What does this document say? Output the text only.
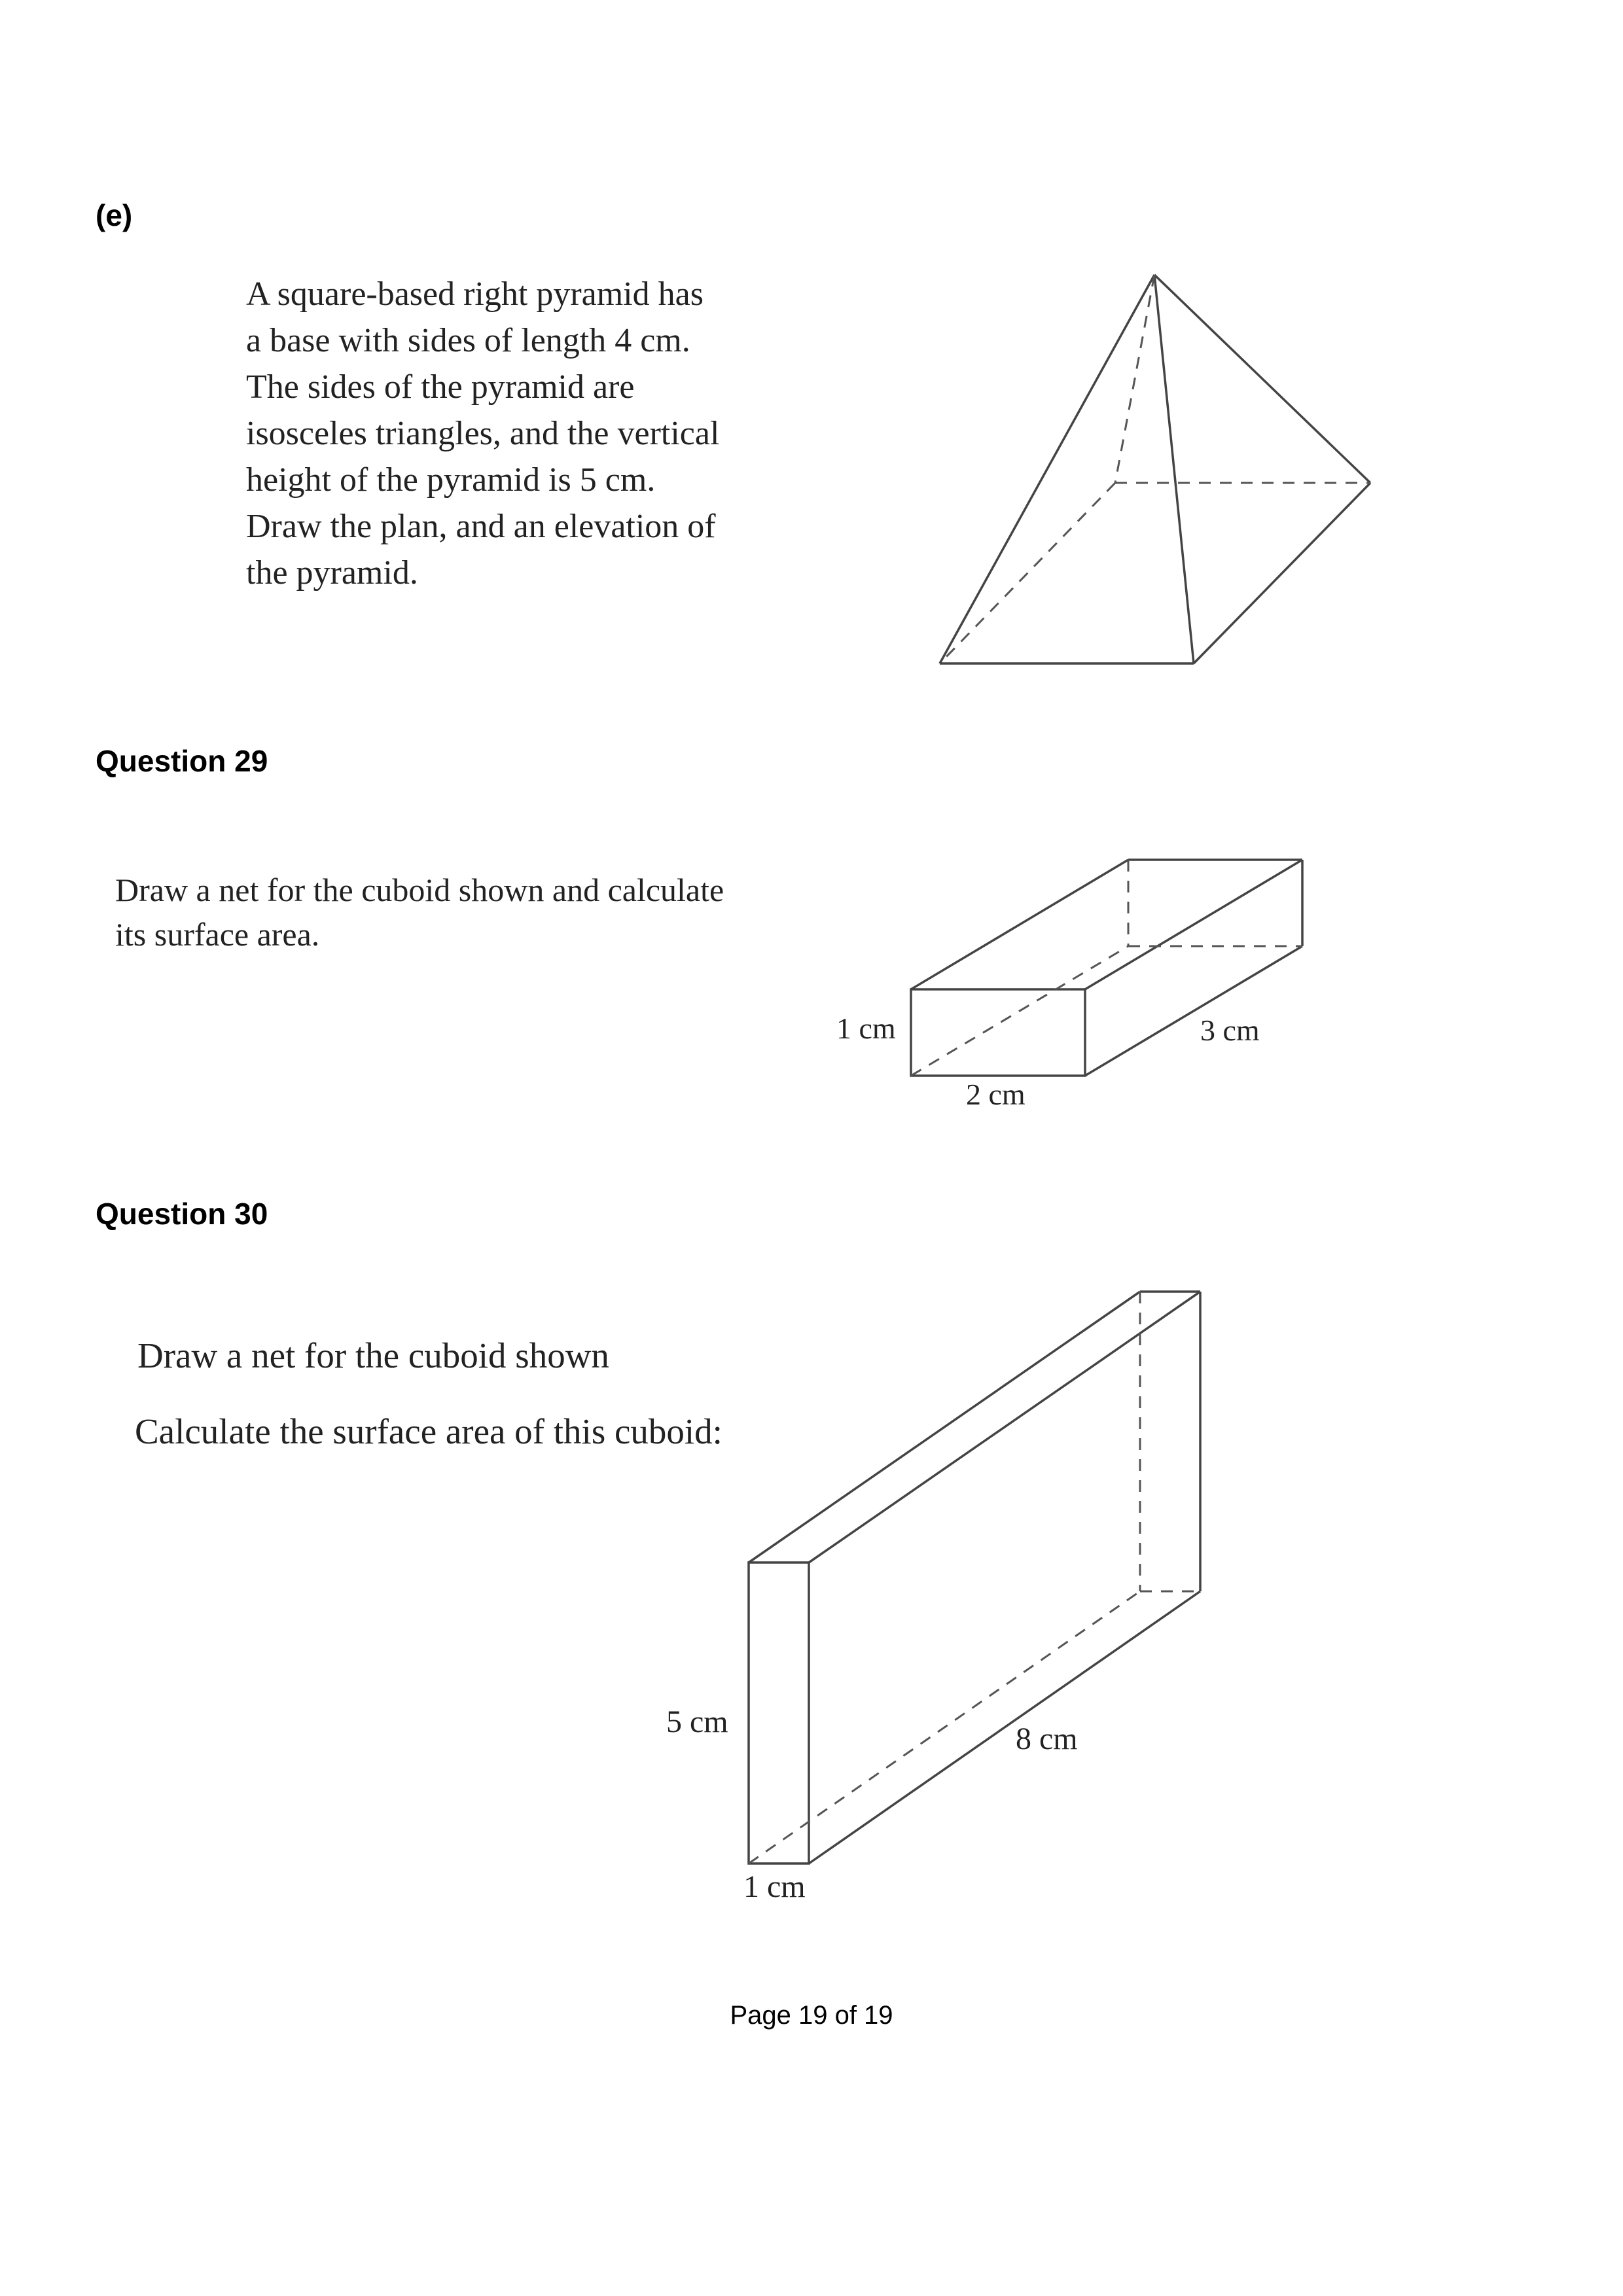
(e)
A square-based right pyramid has
a base with sides of length 4 cm.
The sides of the pyramid are
isosceles triangles, and the vertical
height of the pyramid is 5 cm.
Draw the plan, and an elevation of
the pyramid.
Question 29
Draw a net for the cuboid shown and calculate
its surface area.
1 cm
2 cm
3 cm
Question 30
Draw a net for the cuboid shown
Calculate the surface area of this cuboid:
5 cm	8 cm
1 cm
Page 19 of 19
